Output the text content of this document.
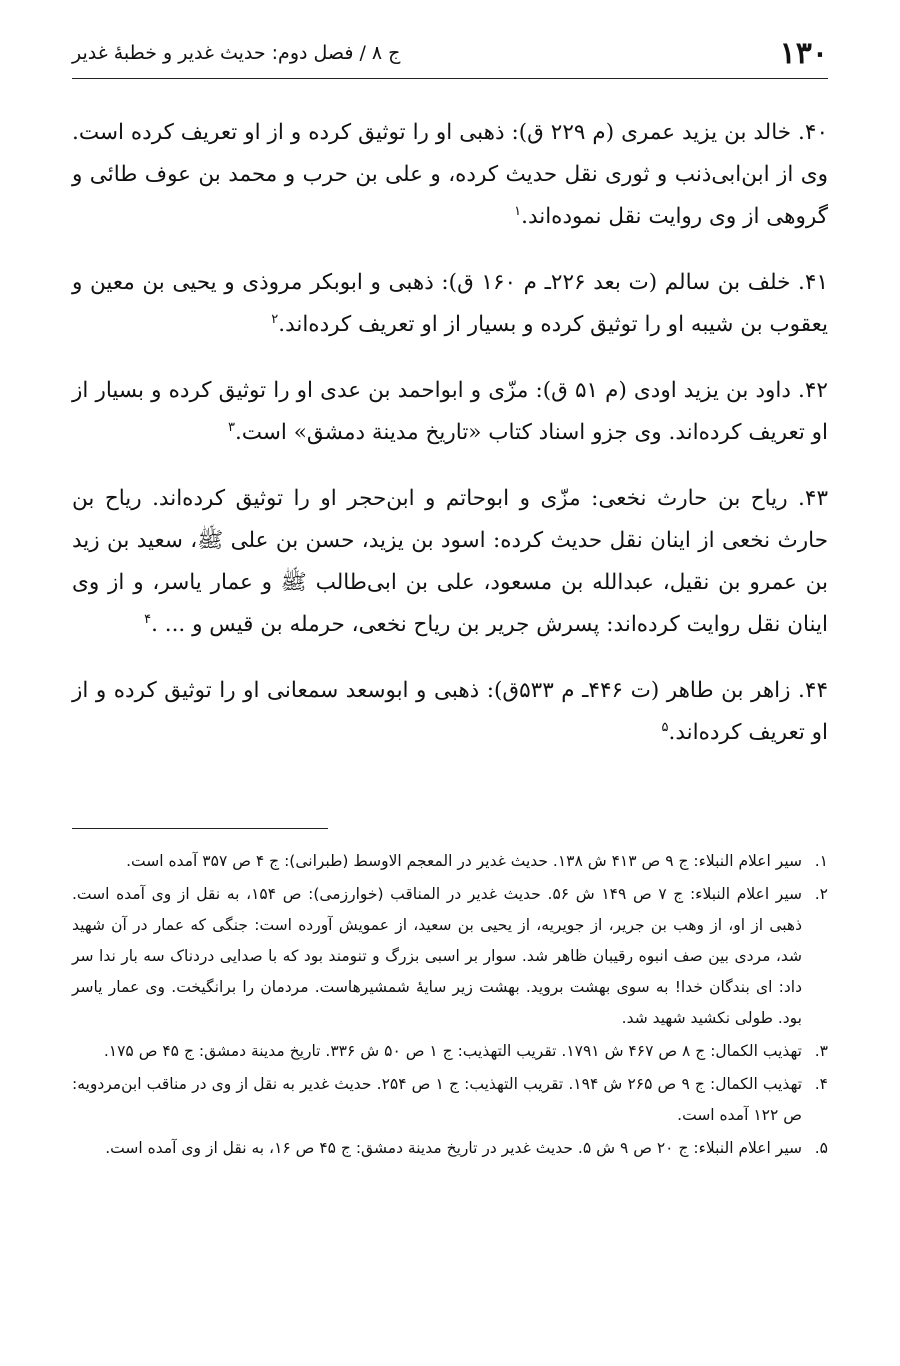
۱۳۰
ج ۸ / فصل دوم: حدیث غدیر و خطبهٔ غدیر

۴۰. خالد بن یزید عمری (م ۲۲۹ ق): ذهبی او را توثیق کرده و از او تعریف کرده است. وی از ابن‌ابی‌ذنب و ثوری نقل حدیث کرده، و علی بن حرب و محمد بن عوف طائی و گروهی از وی روایت نقل نموده‌اند.$^۱$

۴۱. خلف بن سالم (ت بعد ۲۲۶ـ م ۱۶۰ ق): ذهبی و ابوبکر مروذی و یحیی بن معین و یعقوب بن شیبه او را توثیق کرده و بسیار از او تعریف کرده‌اند.$^۲$

۴۲. داود بن یزید اودی (م ۵۱ ق): مزّی و ابواحمد بن عدی او را توثیق کرده و بسیار از او تعریف کرده‌اند. وی جزو اسناد کتاب «تاریخ مدینة دمشق» است.$^۳$

۴۳. ریاح بن حارث نخعی: مزّی و ابوحاتم و ابن‌حجر او را توثیق کرده‌اند. ریاح بن حارث نخعی از اینان نقل حدیث کرده: اسود بن یزید، حسن بن علی ﷺ، سعید بن زید بن عمرو بن نقیل، عبدالله بن مسعود، علی بن ابی‌طالب ﷺ و عمار یاسر، و از وی اینان نقل روایت کرده‌اند: پسرش جریر بن ریاح نخعی، حرمله بن قیس و ... .$^۴$

۴۴. زاهر بن طاهر (ت ۴۴۶ـ م ۵۳۳ق): ذهبی و ابوسعد سمعانی او را توثیق کرده و از او تعریف کرده‌اند.$^۵$

۱.
سیر اعلام النبلاء: ج ۹ ص ۴۱۳ ش ۱۳۸. حدیث غدیر در المعجم الاوسط (طبرانی): ج ۴ ص ۳۵۷ آمده است.

۲.
سیر اعلام النبلاء: ج ۷ ص ۱۴۹ ش ۵۶. حدیث غدیر در المناقب (خوارزمی): ص ۱۵۴، به نقل از وی آمده است. ذهبی از او، از وهب بن جریر، از جویریه، از یحیی بن سعید، از عمویش آورده است: جنگی که عمار در آن شهید شد، مردی بین صف انبوه رقیبان ظاهر شد. سوار بر اسبی بزرگ و تنومند بود که با صدایی دردناک سه بار ندا سر داد: ای بندگان خدا! به سوی بهشت بروید. بهشت زیر سایهٔ شمشیرهاست. مردمان را برانگیخت. وی عمار یاسر بود. طولی نکشید شهید شد.

۳.
تهذیب الکمال: ج ۸ ص ۴۶۷ ش ۱۷۹۱. تقریب التهذیب: ج ۱ ص ۵۰ ش ۳۳۶. تاریخ مدینة دمشق: ج ۴۵ ص ۱۷۵.

۴.
تهذیب الکمال: ج ۹ ص ۲۶۵ ش ۱۹۴. تقریب التهذیب: ج ۱ ص ۲۵۴. حدیث غدیر به نقل از وی در مناقب ابن‌مردویه: ص ۱۲۲ آمده است.

۵.
سیر اعلام النبلاء: ج ۲۰ ص ۹ ش ۵. حدیث غدیر در تاریخ مدینة دمشق: ج ۴۵ ص ۱۶، به نقل از وی آمده است.
